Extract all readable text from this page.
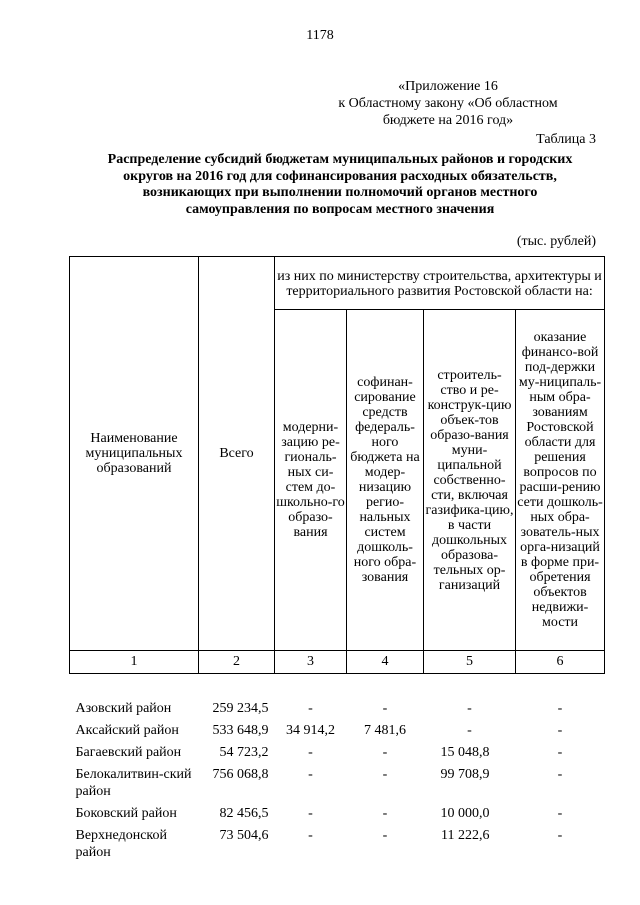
1178
«Приложение 16
к Областному закону «Об областном
бюджете на 2016 год»
Таблица 3
Распределение субсидий бюджетам муниципальных районов и городских
округов на 2016 год для софинансирования расходных обязательств,
возникающих при выполнении полномочий органов местного
самоуправления по вопросам местного значения
(тыс. рублей)
Наименование муниципальных образований	Всего	из них по министерству строительства, архитектуры и территориального развития Ростовской области на:			
		модерни-зацию ре-гиональ-ных си-стем до-школьно-го образо-вания	софинан-сирование средств федераль-ного бюджета на модер-низацию регио-нальных систем дошколь-ного обра-зования	строитель-ство и ре-конструк-цию объек-тов образо-вания муни-ципальной собственно-сти, включая газифика-цию, в части дошкольных образова-тельных ор-ганизаций	оказание финансо-вой под-держки му-ниципаль-ным обра-зованиям Ростовской области для решения вопросов по расши-рению сети дошколь-ных обра-зователь-ных орга-низаций в форме при-обретения объектов недвижи-мости
1	2	3	4	5	6
Азовский район	259 234,5	-	-	-	-
Аксайский район	533 648,9	34 914,2	7 481,6	-	-
Багаевский район	54 723,2	-	-	15 048,8	-
Белокалитвин-ский район	756 068,8	-	-	99 708,9	-
Боковский район	82 456,5	-	-	10 000,0	-
Верхнедонской район	73 504,6	-	-	11 222,6	-
